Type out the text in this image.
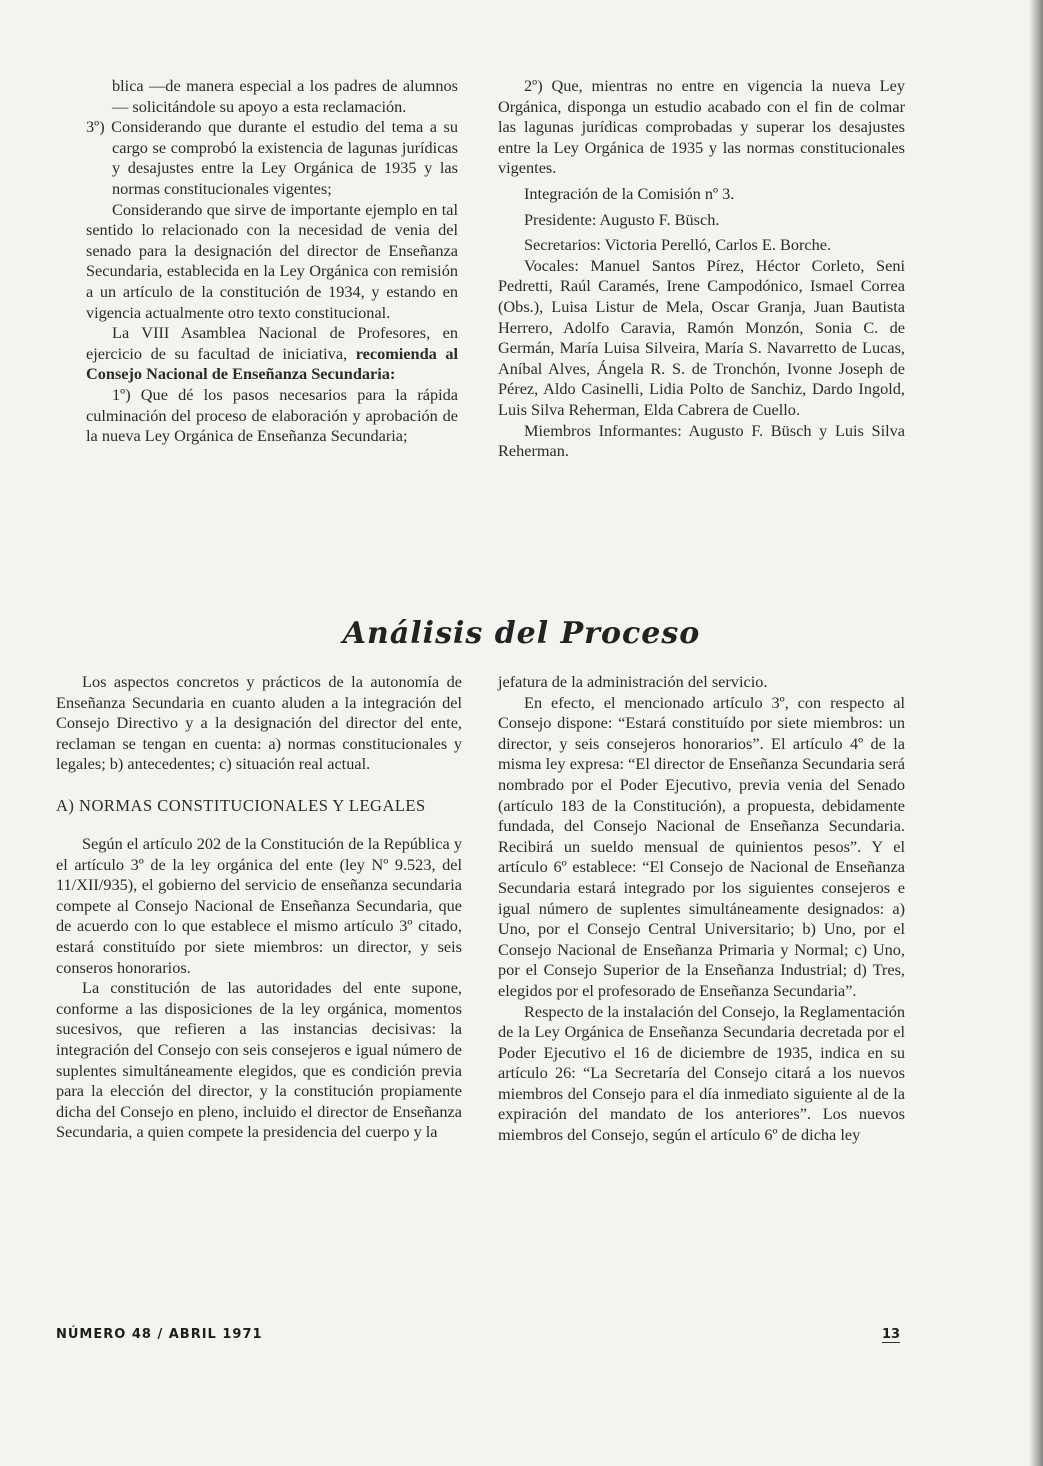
blica —de manera especial a los padres de alumnos— solicitándole su apoyo a esta reclamación.

3º) Considerando que durante el estudio del tema a su cargo se comprobó la existencia de lagunas jurídicas y desajustes entre la Ley Orgánica de 1935 y las normas constitucionales vigentes;

Considerando que sirve de importante ejemplo en tal sentido lo relacionado con la necesidad de venia del senado para la designación del director de Enseñanza Secundaria, establecida en la Ley Orgánica con remisión a un artículo de la constitución de 1934, y estando en vigencia actualmente otro texto constitucional.

La VIII Asamblea Nacional de Profesores, en ejercicio de su facultad de iniciativa, recomienda al Consejo Nacional de Enseñanza Secundaria:

1º) Que dé los pasos necesarios para la rápida culminación del proceso de elaboración y aprobación de la nueva Ley Orgánica de Enseñanza Secundaria;

2º) Que, mientras no entre en vigencia la nueva Ley Orgánica, disponga un estudio acabado con el fin de colmar las lagunas jurídicas comprobadas y superar los desajustes entre la Ley Orgánica de 1935 y las normas constitucionales vigentes.

Integración de la Comisión nº 3.

Presidente: Augusto F. Büsch.

Secretarios: Victoria Perelló, Carlos E. Borche.

Vocales: Manuel Santos Pírez, Héctor Corleto, Seni Pedretti, Raúl Caramés, Irene Campodónico, Ismael Correa (Obs.), Luisa Listur de Mela, Oscar Granja, Juan Bautista Herrero, Adolfo Caravia, Ramón Monzón, Sonia C. de Germán, María Luisa Silveira, María S. Navarretto de Lucas, Aníbal Alves, Ángela R. S. de Tronchón, Ivonne Joseph de Pérez, Aldo Casinelli, Lidia Polto de Sanchiz, Dardo Ingold, Luis Silva Reherman, Elda Cabrera de Cuello.

Miembros Informantes: Augusto F. Büsch y Luis Silva Reherman.

Análisis del Proceso

Los aspectos concretos y prácticos de la autonomía de Enseñanza Secundaria en cuanto aluden a la integración del Consejo Directivo y a la designación del director del ente, reclaman se tengan en cuenta: a) normas constitucionales y legales; b) antecedentes; c) situación real actual.

A) NORMAS CONSTITUCIONALES Y LEGALES

Según el artículo 202 de la Constitución de la República y el artículo 3º de la ley orgánica del ente (ley Nº 9.523, del 11/XII/935), el gobierno del servicio de enseñanza secundaria compete al Consejo Nacional de Enseñanza Secundaria, que de acuerdo con lo que establece el mismo artículo 3º citado, estará constituído por siete miembros: un director, y seis conseros honorarios.

La constitución de las autoridades del ente supone, conforme a las disposiciones de la ley orgánica, momentos sucesivos, que refieren a las instancias decisivas: la integración del Consejo con seis consejeros e igual número de suplentes simultáneamente elegidos, que es condición previa para la elección del director, y la constitución propiamente dicha del Consejo en pleno, incluido el director de Enseñanza Secundaria, a quien compete la presidencia del cuerpo y la

jefatura de la administración del servicio.

En efecto, el mencionado artículo 3º, con respecto al Consejo dispone: “Estará constituído por siete miembros: un director, y seis consejeros honorarios”. El artículo 4º de la misma ley expresa: “El director de Enseñanza Secundaria será nombrado por el Poder Ejecutivo, previa venia del Senado (artículo 183 de la Constitución), a propuesta, debidamente fundada, del Consejo Nacional de Enseñanza Secundaria. Recibirá un sueldo mensual de quinientos pesos”. Y el artículo 6º establece: “El Consejo de Nacional de Enseñanza Secundaria estará integrado por los siguientes consejeros e igual número de suplentes simultáneamente designados: a) Uno, por el Consejo Central Universitario; b) Uno, por el Consejo Nacional de Enseñanza Primaria y Normal; c) Uno, por el Consejo Superior de la Enseñanza Industrial; d) Tres, elegidos por el profesorado de Enseñanza Secundaria”.

Respecto de la instalación del Consejo, la Reglamentación de la Ley Orgánica de Enseñanza Secundaria decretada por el Poder Ejecutivo el 16 de diciembre de 1935, indica en su artículo 26: “La Secretaría del Consejo citará a los nuevos miembros del Consejo para el día inmediato siguiente al de la expiración del mandato de los anteriores”. Los nuevos miembros del Consejo, según el artículo 6º de dicha ley

NÚMERO 48 / ABRIL 1971	13
